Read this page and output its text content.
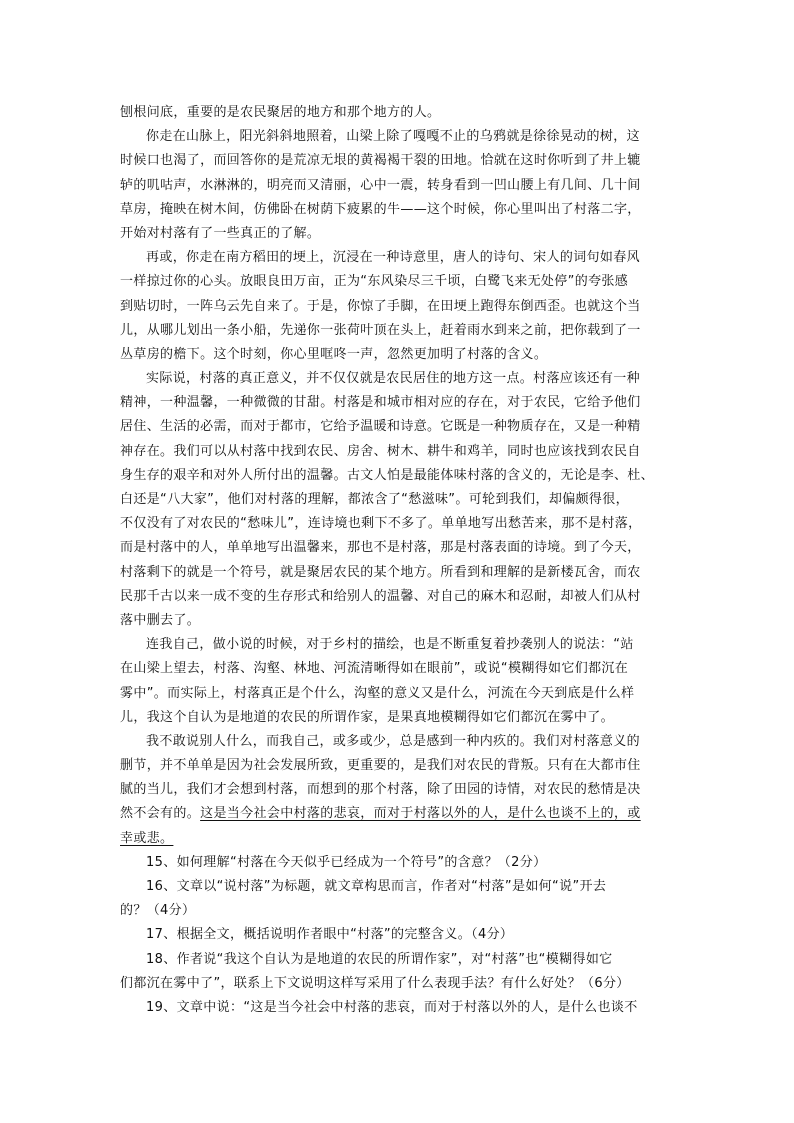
刨根问底，重要的是农民聚居的地方和那个地方的人。
你走在山脉上，阳光斜斜地照着，山梁上除了嘎嘎不止的乌鸦就是徐徐晃动的树，这
时候口也渴了，而回答你的是荒凉无垠的黄褐褐干裂的田地。恰就在这时你听到了井上辘
轳的叽咕声，水淋淋的，明亮而又清丽，心中一震，转身看到一凹山腰上有几间、几十间
草房，掩映在树木间，仿佛卧在树荫下疲累的牛——这个时候，你心里叫出了村落二字，
开始对村落有了一些真正的了解。
再或，你走在南方稻田的埂上，沉浸在一种诗意里，唐人的诗句、宋人的词句如春风
一样掠过你的心头。放眼良田万亩，正为“东风染尽三千顷，白鹭飞来无处停”的夸张感
到贴切时，一阵乌云先自来了。于是，你惊了手脚，在田埂上跑得东倒西歪。也就这个当
儿，从哪儿划出一条小船，先递你一张荷叶顶在头上，赶着雨水到来之前，把你载到了一
丛草房的檐下。这个时刻，你心里哐咚一声，忽然更加明了村落的含义。
实际说，村落的真正意义，并不仅仅就是农民居住的地方这一点。村落应该还有一种
精神，一种温馨，一种微微的甘甜。村落是和城市相对应的存在，对于农民，它给予他们
居住、生活的必需，而对于都市，它给予温暖和诗意。它既是一种物质存在，又是一种精
神存在。我们可以从村落中找到农民、房舍、树木、耕牛和鸡羊，同时也应该找到农民自
身生存的艰辛和对外人所付出的温馨。古文人怕是最能体味村落的含义的，无论是李、杜、
白还是“八大家”，他们对村落的理解，都浓含了“愁滋味”。可轮到我们，却偏颇得很，
不仅没有了对农民的“愁味儿”，连诗境也剩下不多了。单单地写出愁苦来，那不是村落，
而是村落中的人，单单地写出温馨来，那也不是村落，那是村落表面的诗境。到了今天，
村落剩下的就是一个符号，就是聚居农民的某个地方。所看到和理解的是新楼瓦舍，而农
民那千古以来一成不变的生存形式和给别人的温馨、对自己的麻木和忍耐，却被人们从村
落中删去了。
连我自己，做小说的时候，对于乡村的描绘，也是不断重复着抄袭别人的说法：“站
在山梁上望去，村落、沟壑、林地、河流清晰得如在眼前”，或说“模糊得如它们都沉在
雾中”。而实际上，村落真正是个什么，沟壑的意义又是什么，河流在今天到底是什么样
儿，我这个自认为是地道的农民的所谓作家，是果真地模糊得如它们都沉在雾中了。
我不敢说别人什么，而我自己，或多或少，总是感到一种内疚的。我们对村落意义的
删节，并不单单是因为社会发展所致，更重要的，是我们对农民的背叛。只有在大都市住
腻的当儿，我们才会想到村落，而想到的那个村落，除了田园的诗情，对农民的愁情是决
然不会有的。这是当今社会中村落的悲哀，而对于村落以外的人，是什么也谈不上的，或
幸或悲。
15、如何理解“村落在今天似乎已经成为一个符号”的含意？（2分）
16、文章以“说村落”为标题，就文章构思而言，作者对“村落”是如何“说”开去
的？（4分）
17、根据全文，概括说明作者眼中“村落”的完整含义。（4分）
18、作者说“我这个自认为是地道的农民的所谓作家”，对“村落”也“模糊得如它
们都沉在雾中了”，联系上下文说明这样写采用了什么表现手法？有什么好处？（6分）
19、文章中说：“这是当今社会中村落的悲哀，而对于村落以外的人，是什么也谈不
